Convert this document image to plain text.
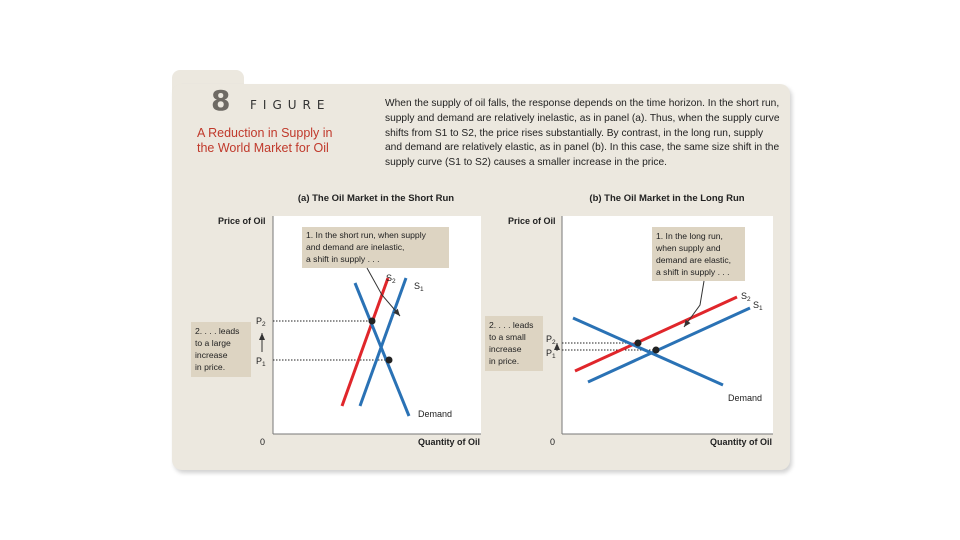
8 FIGURE
A Reduction in Supply in
the World Market for Oil
When the supply of oil falls, the response depends on the time horizon. In the short run, supply and demand are relatively inelastic, as in panel (a). Thus, when the supply curve shifts from S1 to S2, the price rises substantially. By contrast, in the long run, supply and demand are relatively elastic, as in panel (b). In this case, the same size shift in the supply curve (S1 to S2) causes a smaller increase in the price.
(a) The Oil Market in the Short Run
Price of Oil
Quantity of Oil
0
$P_2$
$P_1$
$S_2$ $S_1$
Demand
1. In the short run, when supply and demand are inelastic, a shift in supply . . .
2. . . . leads to a large increase in price.
(b) The Oil Market in the Long Run
Price of Oil
Quantity of Oil
0
$P_2$
$P_1$
$S_2$
$S_1$
Demand
1. In the long run, when supply and demand are elastic, a shift in supply . . .
2. . . . leads to a small increase in price.
